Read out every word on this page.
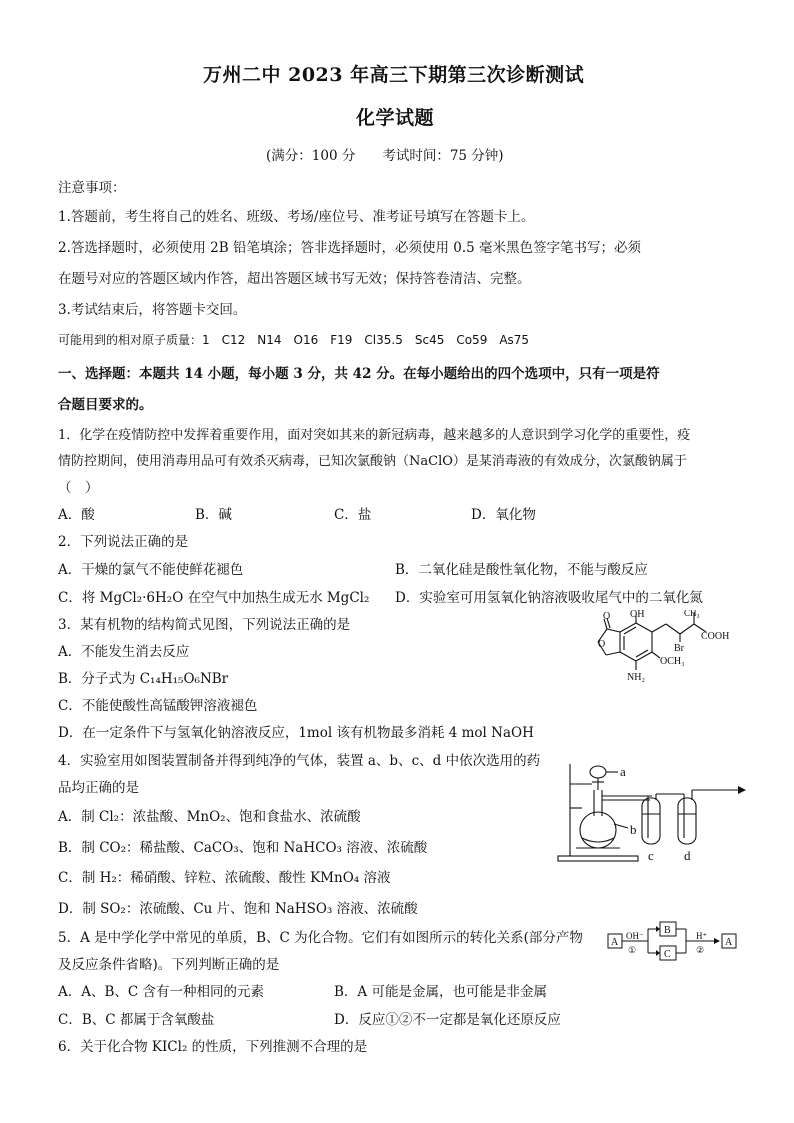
万州二中 2023 年高三下期第三次诊断测试
化学试题
(满分：100 分　　考试时间：75 分钟)
注意事项：
1.答题前，考生将自己的姓名、班级、考场/座位号、准考证号填写在答题卡上。
2.答选择题时，必须使用 2B 铅笔填涂；答非选择题时，必须使用 0.5 毫米黑色签字笔书写；必须
在题号对应的答题区域内作答，超出答题区域书写无效；保持答卷清洁、完整。
3.考试结束后，将答题卡交回。
可能用到的相对原子质量：1　C12　N14　O16　F19　Cl35.5　Sc45　Co59　As75
一、选择题：本题共 14 小题，每小题 3 分，共 42 分。在每小题给出的四个选项中，只有一项是符
合题目要求的。
1．化学在疫情防控中发挥着重要作用，面对突如其来的新冠病毒，越来越多的人意识到学习化学的重要性，疫
情防控期间，使用消毒用品可有效杀灭病毒，已知次氯酸钠（NaClO）是某消毒液的有效成分，次氯酸钠属于
（　）
A．酸	B．碱	C．盐	D．氧化物
2．下列说法正确的是
A．干燥的氯气不能使鲜花褪色	B．二氧化硅是酸性氧化物，不能与酸反应
C．将 MgCl₂·6H₂O 在空气中加热生成无水 MgCl₂ D．实验室可用氢氧化钠溶液吸收尾气中的二氧化氮
3．某有机物的结构简式见图，下列说法正确的是
A．不能发生消去反应
B．分子式为 C₁₄H₁₅O₆NBr
C．不能使酸性高锰酸钾溶液褪色
D．在一定条件下与氢氧化钠溶液反应，1mol 该有机物最多消耗 4 mol NaOH
O
O
OH	CH₃
COOH
Br
OCH₃
NH₂
4．实验室用如图装置制备并得到纯净的气体，装置 a、b、c、d 中依次选用的药
品均正确的是
A．制 Cl₂：浓盐酸、MnO₂、饱和食盐水、浓硫酸
B．制 CO₂：稀盐酸、CaCO₃、饱和 NaHCO₃ 溶液、浓硫酸
C．制 H₂：稀硝酸、锌粒、浓硫酸、酸性 KMnO₄ 溶液
D．制 SO₂：浓硫酸、Cu 片、饱和 NaHSO₃ 溶液、浓硫酸
a
b
c d
5．A 是中学化学中常见的单质，B、C 为化合物。它们有如图所示的转化关系(部分产物
及反应条件省略)。下列判断正确的是
A．A、B、C 含有一种相同的元素	B．A 可能是金属，也可能是非金属
C．B、C 都属于含氧酸盐	D．反应①②不一定都是氧化还原反应
A
B
C
A
OH⁻
①
H⁺
②
6．关于化合物 KICl₂ 的性质，下列推测不合理的是
